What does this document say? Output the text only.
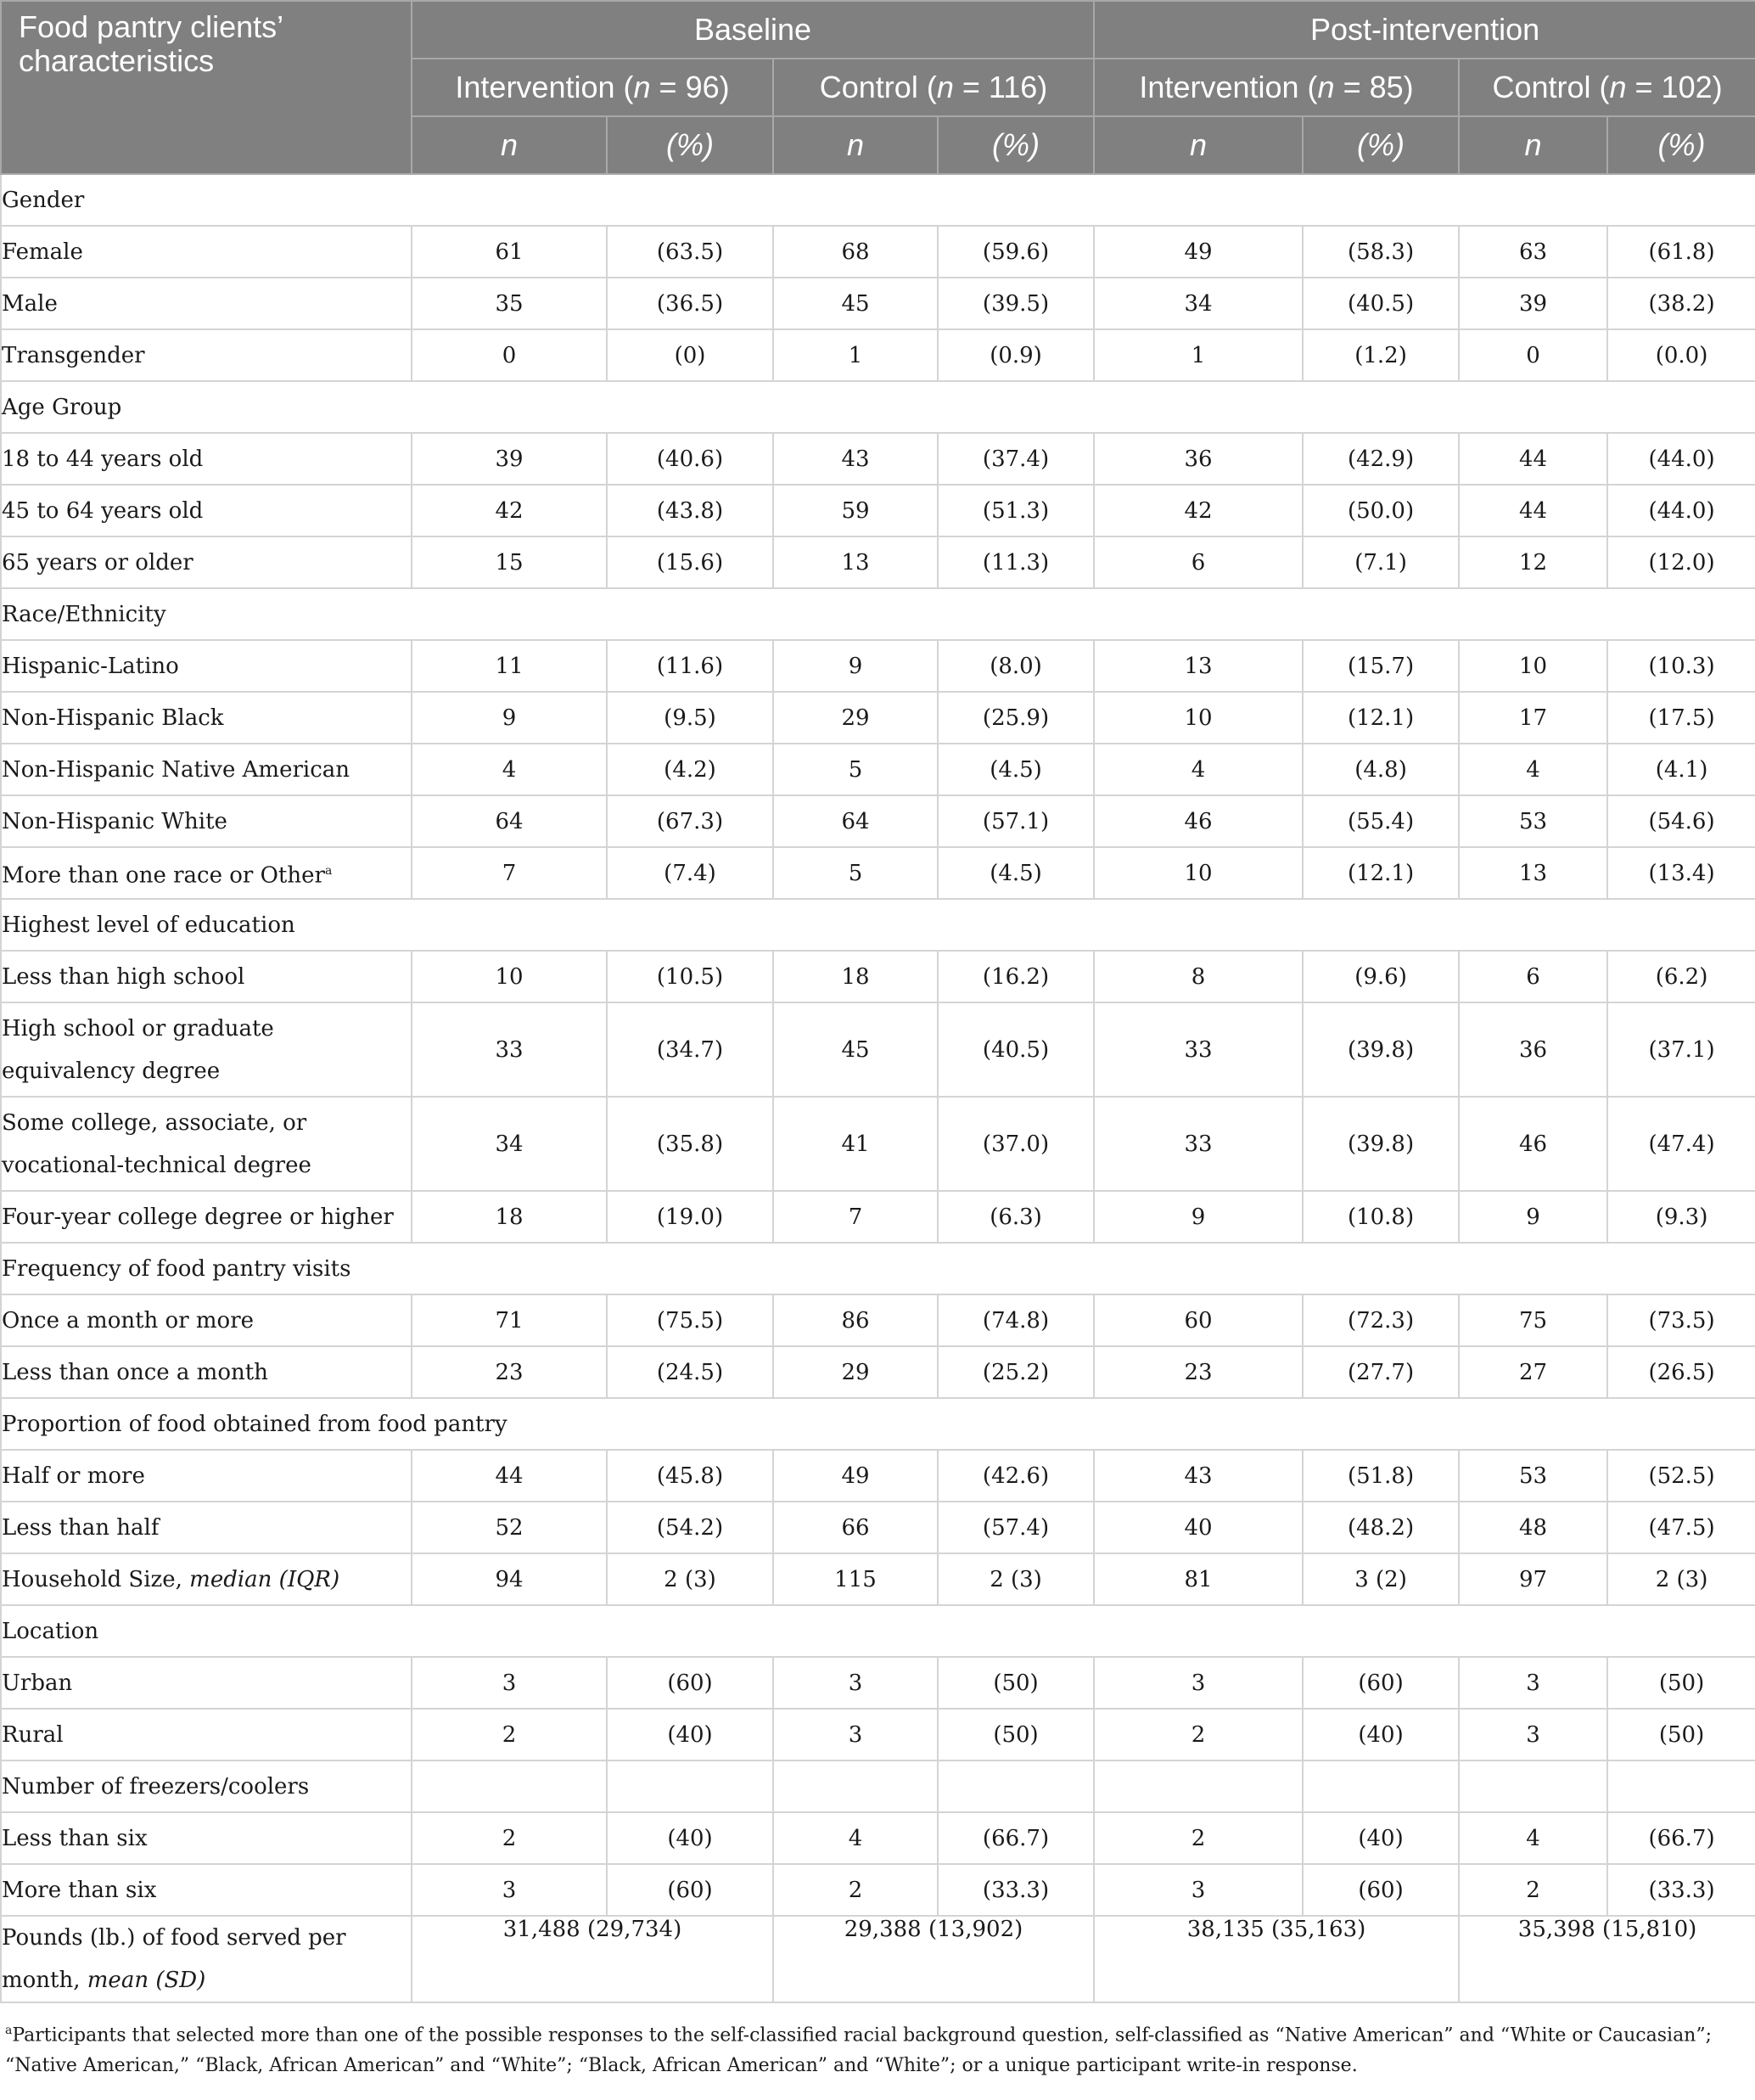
Food pantry clients’ characteristics	Baseline				Post-intervention			
	Intervention (n = 96)		Control (n = 116)		Intervention (n = 85)		Control (n = 102)	
	n	(%)	n	(%)	n	(%)	n	(%)
Gender								
Female	61	(63.5)	68	(59.6)	49	(58.3)	63	(61.8)
Male	35	(36.5)	45	(39.5)	34	(40.5)	39	(38.2)
Transgender	0	(0)	1	(0.9)	1	(1.2)	0	(0.0)
Age Group								
18 to 44 years old	39	(40.6)	43	(37.4)	36	(42.9)	44	(44.0)
45 to 64 years old	42	(43.8)	59	(51.3)	42	(50.0)	44	(44.0)
65 years or older	15	(15.6)	13	(11.3)	6	(7.1)	12	(12.0)
Race/Ethnicity								
Hispanic-Latino	11	(11.6)	9	(8.0)	13	(15.7)	10	(10.3)
Non-Hispanic Black	9	(9.5)	29	(25.9)	10	(12.1)	17	(17.5)
Non-Hispanic Native American	4	(4.2)	5	(4.5)	4	(4.8)	4	(4.1)
Non-Hispanic White	64	(67.3)	64	(57.1)	46	(55.4)	53	(54.6)
More than one race or Other$^a$	7	(7.4)	5	(4.5)	10	(12.1)	13	(13.4)
Highest level of education								
Less than high school	10	(10.5)	18	(16.2)	8	(9.6)	6	(6.2)
High school or graduate equivalency degree	33	(34.7)	45	(40.5)	33	(39.8)	36	(37.1)
Some college, associate, or vocational-technical degree	34	(35.8)	41	(37.0)	33	(39.8)	46	(47.4)
Four-year college degree or higher	18	(19.0)	7	(6.3)	9	(10.8)	9	(9.3)
Frequency of food pantry visits								
Once a month or more	71	(75.5)	86	(74.8)	60	(72.3)	75	(73.5)
Less than once a month	23	(24.5)	29	(25.2)	23	(27.7)	27	(26.5)
Proportion of food obtained from food pantry								
Half or more	44	(45.8)	49	(42.6)	43	(51.8)	53	(52.5)
Less than half	52	(54.2)	66	(57.4)	40	(48.2)	48	(47.5)
Household Size, median (IQR)	94	2 (3)	115	2 (3)	81	3 (2)	97	2 (3)
Location								
Urban	3	(60)	3	(50)	3	(60)	3	(50)
Rural	2	(40)	3	(50)	2	(40)	3	(50)
Number of freezers/coolers								
Less than six	2	(40)	4	(66.7)	2	(40)	4	(66.7)
More than six	3	(60)	2	(33.3)	3	(60)	2	(33.3)
Pounds (lb.) of food served per month, mean (SD)	31,488 (29,734)		29,388 (13,902)		38,135 (35,163)		35,398 (15,810)	
$^a$Participants that selected more than one of the possible responses to the self-classified racial background question, self-classified as “Native American” and “White or Caucasian”; “Native American,” “Black, African American” and “White”; “Black, African American” and “White”; or a unique participant write-in response.
